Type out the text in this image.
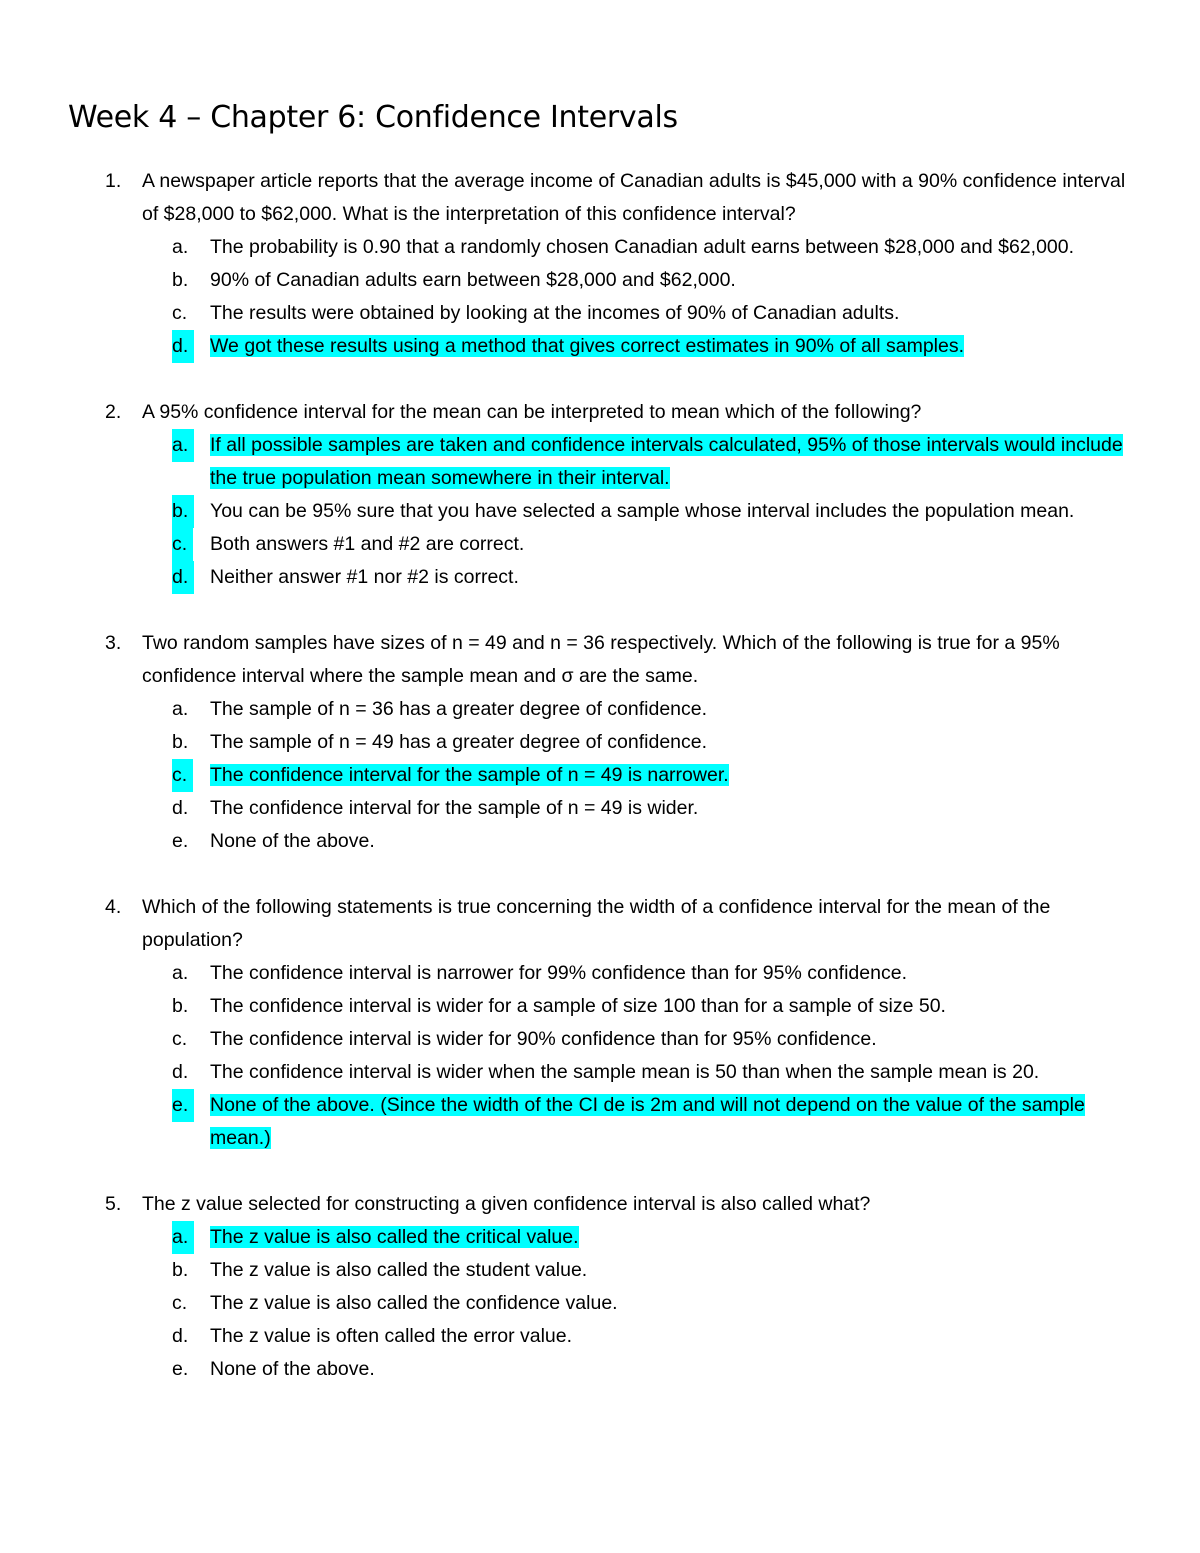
Week 4 – Chapter 6: Confidence Intervals
1. A newspaper article reports that the average income of Canadian adults is $45,000 with a 90% confidence interval of $28,000 to $62,000. What is the interpretation of this confidence interval?
a. The probability is 0.90 that a randomly chosen Canadian adult earns between $28,000 and $62,000.
b. 90% of Canadian adults earn between $28,000 and $62,000.
c. The results were obtained by looking at the incomes of 90% of Canadian adults.
d.	We got these results using a method that gives correct estimates in 90% of all samples.
2. A 95% confidence interval for the mean can be interpreted to mean which of the following?
a.	If all possible samples are taken and confidence intervals calculated, 95% of those intervals would include the true population mean somewhere in their interval.
b.	You can be 95% sure that you have selected a sample whose interval includes the population mean.
c.	Both answers #1 and #2 are correct.
d.	Neither answer #1 nor #2 is correct.
3. Two random samples have sizes of n = 49 and n = 36 respectively. Which of the following is true for a 95% confidence interval where the sample mean and σ are the same.
a. The sample of n = 36 has a greater degree of confidence.
b. The sample of n = 49 has a greater degree of confidence.
c.	The confidence interval for the sample of n = 49 is narrower.
d. The confidence interval for the sample of n = 49 is wider.
e. None of the above.
4. Which of the following statements is true concerning the width of a confidence interval for the mean of the population?
a. The confidence interval is narrower for 99% confidence than for 95% confidence.
b. The confidence interval is wider for a sample of size 100 than for a sample of size 50.
c. The confidence interval is wider for 90% confidence than for 95% confidence.
d. The confidence interval is wider when the sample mean is 50 than when the sample mean is 20.
e.	None of the above. (Since the width of the CI de is 2m and will not depend on the value of the sample mean.)
5. The z value selected for constructing a given confidence interval is also called what?
a.	The z value is also called the critical value.
b. The z value is also called the student value.
c. The z value is also called the confidence value.
d. The z value is often called the error value.
e. None of the above.
